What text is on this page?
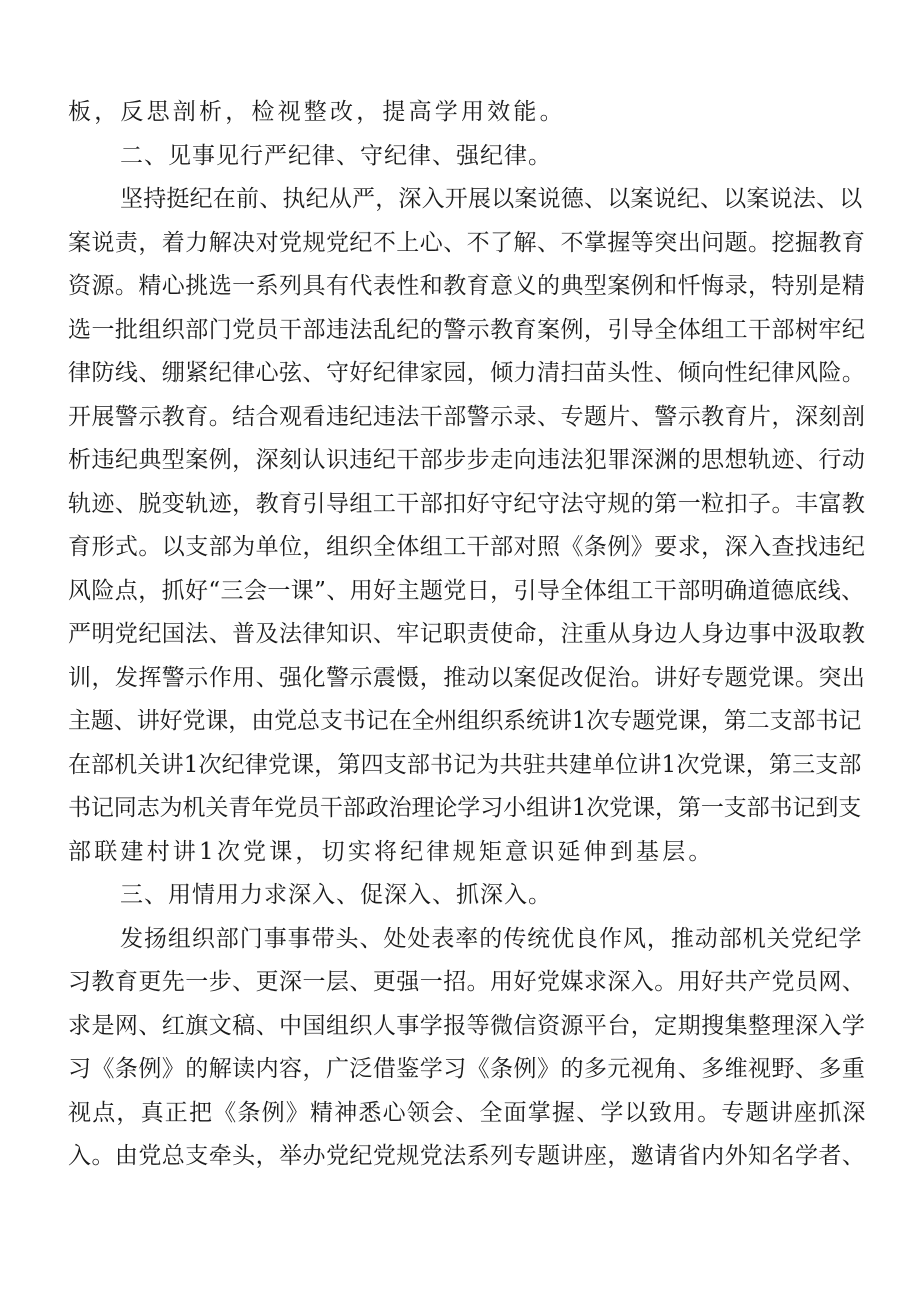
板，反思剖析，检视整改，提高学用效能。
二、见事见行严纪律、守纪律、强纪律。
坚持挺纪在前、执纪从严，深入开展以案说德、以案说纪、以案说法、以
案说责，着力解决对党规党纪不上心、不了解、不掌握等突出问题。挖掘教育
资源。精心挑选一系列具有代表性和教育意义的典型案例和忏悔录，特别是精
选一批组织部门党员干部违法乱纪的警示教育案例，引导全体组工干部树牢纪
律防线、绷紧纪律心弦、守好纪律家园，倾力清扫苗头性、倾向性纪律风险。
开展警示教育。结合观看违纪违法干部警示录、专题片、警示教育片，深刻剖
析违纪典型案例，深刻认识违纪干部步步走向违法犯罪深渊的思想轨迹、行动
轨迹、脱变轨迹，教育引导组工干部扣好守纪守法守规的第一粒扣子。丰富教
育形式。以支部为单位，组织全体组工干部对照《条例》要求，深入查找违纪
风险点，抓好“三会一课”、用好主题党日，引导全体组工干部明确道德底线、
严明党纪国法、普及法律知识、牢记职责使命，注重从身边人身边事中汲取教
训，发挥警示作用、强化警示震慑，推动以案促改促治。讲好专题党课。突出
主题、讲好党课，由党总支书记在全州组织系统讲1次专题党课，第二支部书记
在部机关讲1次纪律党课，第四支部书记为共驻共建单位讲1次党课，第三支部
书记同志为机关青年党员干部政治理论学习小组讲1次党课，第一支部书记到支
部联建村讲1次党课，切实将纪律规矩意识延伸到基层。
三、用情用力求深入、促深入、抓深入。
发扬组织部门事事带头、处处表率的传统优良作风，推动部机关党纪学
习教育更先一步、更深一层、更强一招。用好党媒求深入。用好共产党员网、
求是网、红旗文稿、中国组织人事学报等微信资源平台，定期搜集整理深入学
习《条例》的解读内容，广泛借鉴学习《条例》的多元视角、多维视野、多重
视点，真正把《条例》精神悉心领会、全面掌握、学以致用。专题讲座抓深
入。由党总支牵头，举办党纪党规党法系列专题讲座，邀请省内外知名学者、
